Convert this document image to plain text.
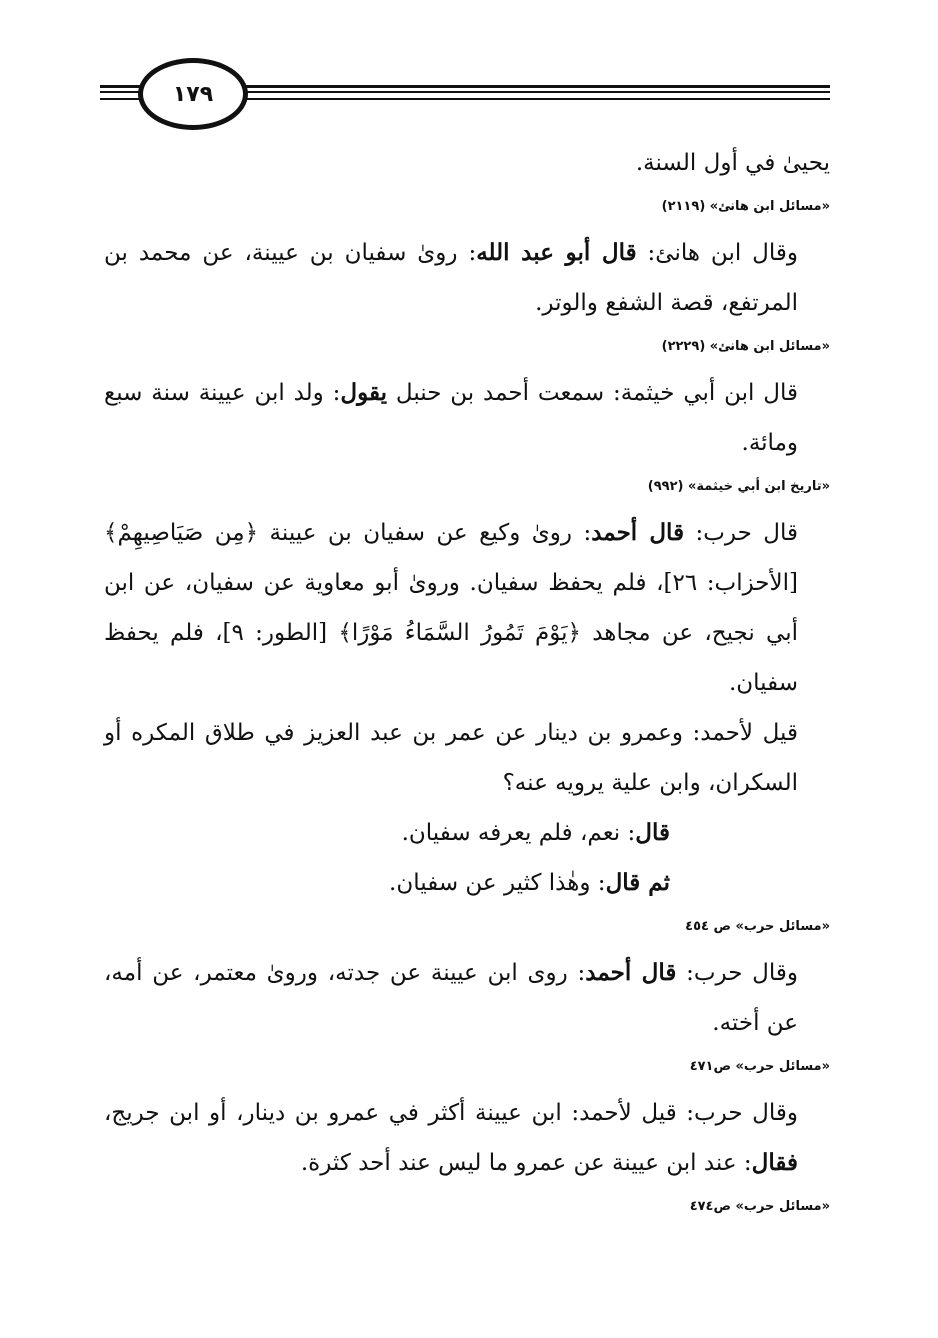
١٧٩

يحيىٰ في أول السنة.

«مسائل ابن هانئ» (٢١١٩)

وقال ابن هانئ: قال أبو عبد الله: روىٰ سفيان بن عيينة، عن محمد بن المرتفع، قصة الشفع والوتر.

«مسائل ابن هانئ» (٢٢٢٩)

قال ابن أبي خيثمة: سمعت أحمد بن حنبل يقول: ولد ابن عيينة سنة سبع ومائة.

«تاريخ ابن أبي خيثمة» (٩٩٢)

قال حرب: قال أحمد: روىٰ وكيع عن سفيان بن عيينة ﴿مِن صَيَاصِيهِمْ﴾ [الأحزاب: ٢٦]، فلم يحفظ سفيان. وروىٰ أبو معاوية عن سفيان، عن ابن أبي نجيح، عن مجاهد ﴿يَوْمَ تَمُورُ السَّمَاءُ مَوْرًا﴾ [الطور: ٩]، فلم يحفظ سفيان.

قيل لأحمد: وعمرو بن دينار عن عمر بن عبد العزيز في طلاق المكره أو السكران، وابن علية يرويه عنه؟

قال: نعم، فلم يعرفه سفيان.

ثم قال: وهٰذا كثير عن سفيان.

«مسائل حرب» ص ٤٥٤

وقال حرب: قال أحمد: روى ابن عيينة عن جدته، وروىٰ معتمر، عن أمه، عن أخته.

«مسائل حرب» ص٤٧١

وقال حرب: قيل لأحمد: ابن عيينة أكثر في عمرو بن دينار، أو ابن جريج، فقال: عند ابن عيينة عن عمرو ما ليس عند أحد كثرة.

«مسائل حرب» ص٤٧٤
